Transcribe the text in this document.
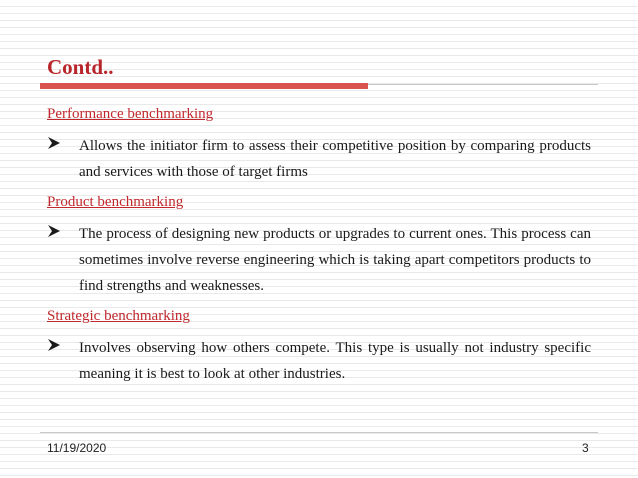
Contd..
Performance benchmarking
Allows the initiator firm to assess their competitive position by comparing products and services with those of target firms
Product benchmarking
The process of designing new products or upgrades to current ones. This process can sometimes involve reverse engineering which is taking apart competitors products to find strengths and weaknesses.
Strategic benchmarking
Involves observing how others compete. This type is usually not industry specific meaning it is best to look at other industries.
11/19/2020	3
